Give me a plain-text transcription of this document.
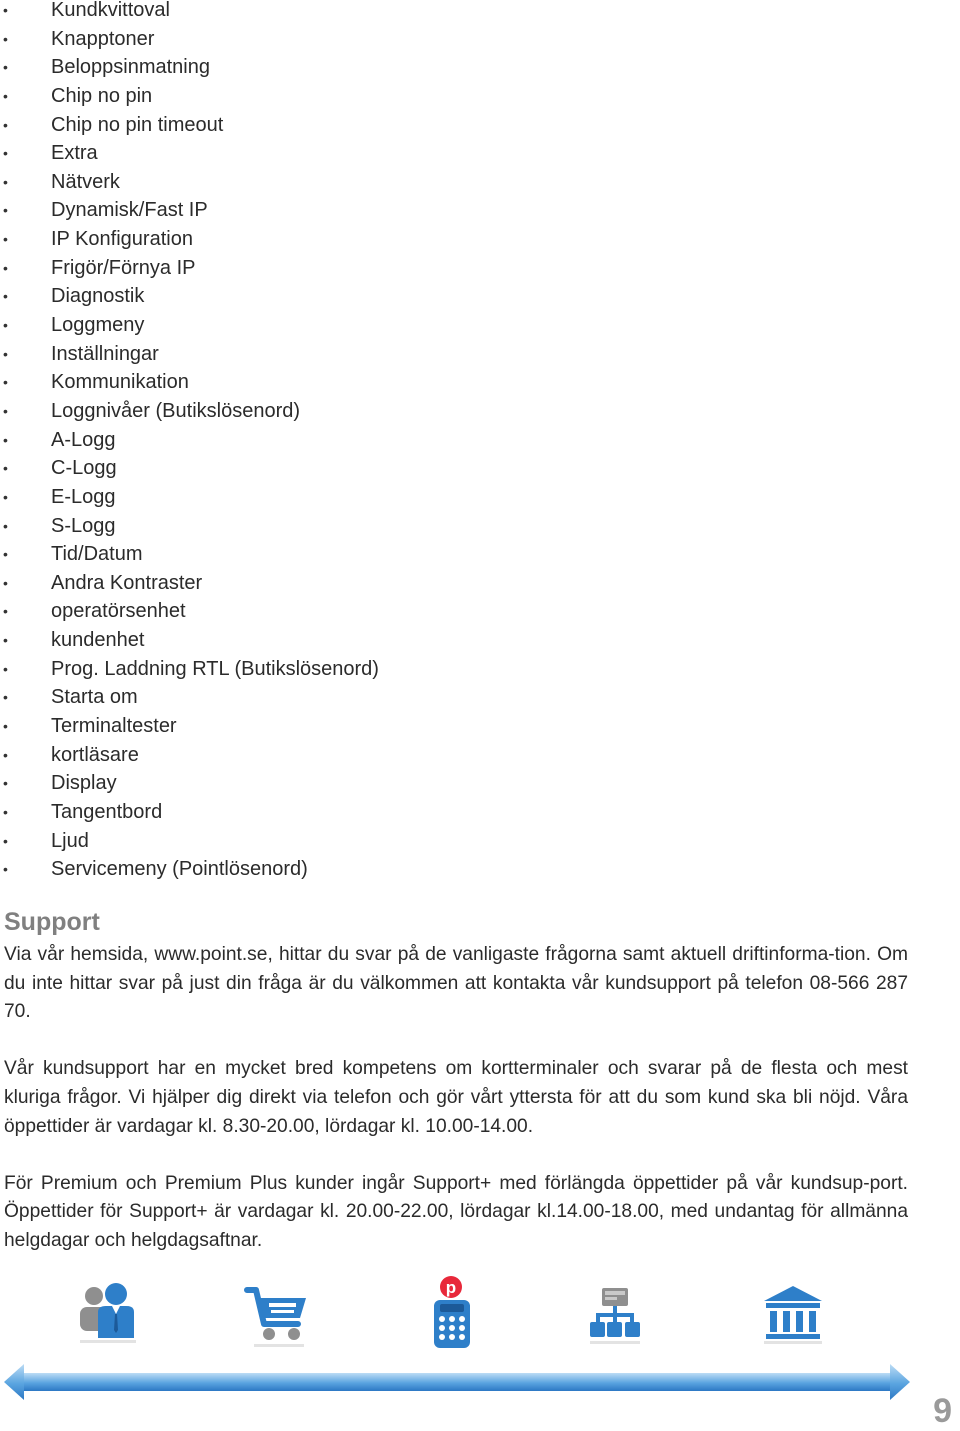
• Kundkvittoval
• Knapptoner
• Beloppsinmatning
• Chip no pin
• Chip no pin timeout
• Extra
• Nätverk
• Dynamisk/Fast IP
• IP Konfiguration
• Frigör/Förnya IP
• Diagnostik
• Loggmeny
• Inställningar
• Kommunikation
• Loggnivåer (Butikslösenord)
• A-Logg
• C-Logg
• E-Logg
• S-Logg
• Tid/Datum
• Andra Kontraster
• operatörsenhet
• kundenhet
• Prog. Laddning RTL (Butikslösenord)
• Starta om
• Terminaltester
• kortläsare
• Display
• Tangentbord
• Ljud
• Servicemeny (Pointlösenord)
Support

Via vår hemsida, www.point.se, hittar du svar på de vanligaste frågorna samt aktuell driftinforma-tion. Om du inte hittar svar på just din fråga är du välkommen att kontakta vår kundsupport på telefon 08-566 287 70.

Vår kundsupport har en mycket bred kompetens om kortterminaler och svarar på de flesta och mest kluriga frågor. Vi hjälper dig direkt via telefon och gör vårt yttersta för att du som kund ska bli nöjd. Våra öppettider är vardagar kl. 8.30-20.00, lördagar kl. 10.00-14.00.

För Premium och Premium Plus kunder ingår Support+ med förlängda öppettider på vår kundsup-port. Öppettider för Support+ är vardagar kl. 20.00-22.00, lördagar kl.14.00-18.00, med undantag för allmänna helgdagar och helgdagsaftnar.

p
9
